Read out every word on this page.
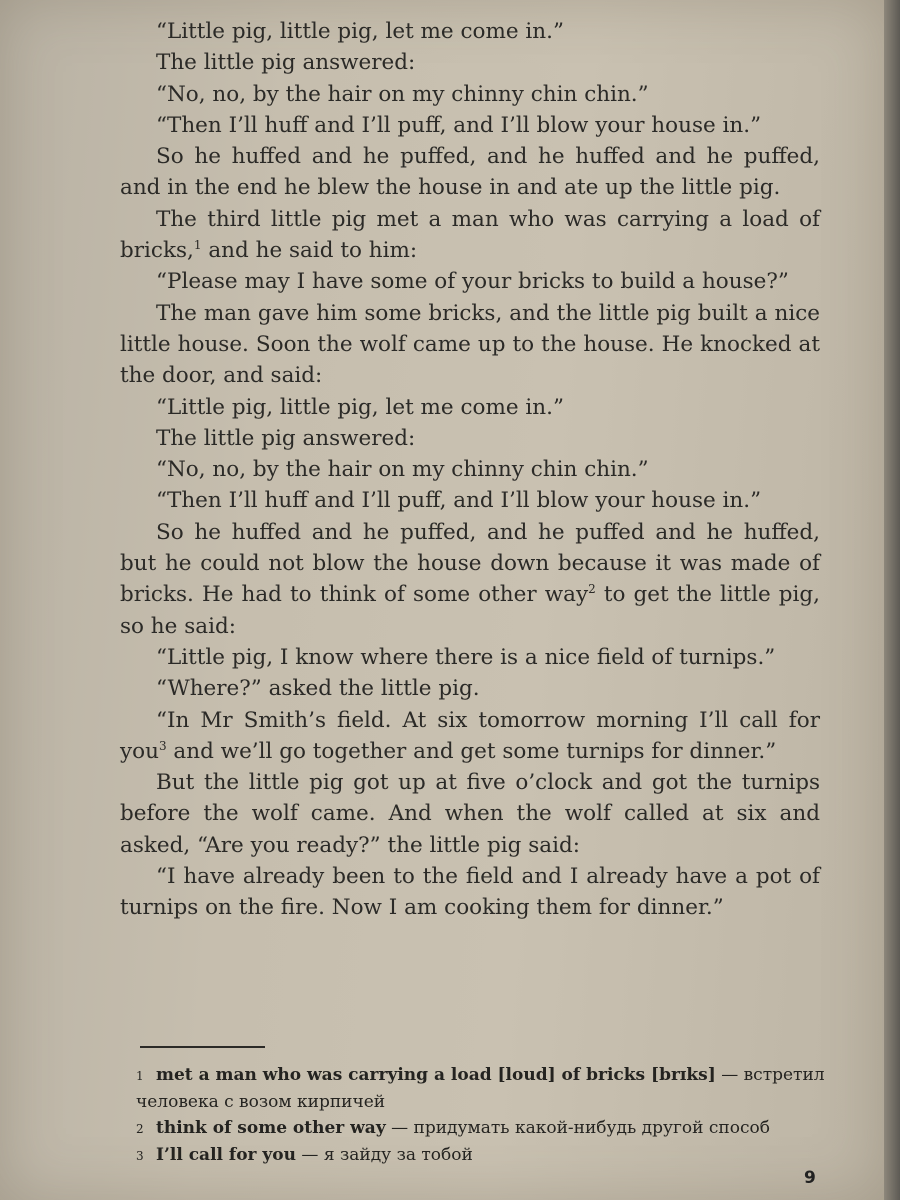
“Little pig, little pig, let me come in.”

The little pig answered:

“No, no, by the hair on my chinny chin chin.”

“Then I’ll huff and I’ll puff, and I’ll blow your house in.”

So he huffed and he puffed, and he huffed and he puffed, and in the end he blew the house in and ate up the little pig.

The third little pig met a man who was carrying a load of bricks,$^1$ and he said to him:

“Please may I have some of your bricks to build a house?”

The man gave him some bricks, and the little pig built a nice little house. Soon the wolf came up to the house. He knocked at the door, and said:

“Little pig, little pig, let me come in.”

The little pig answered:

“No, no, by the hair on my chinny chin chin.”

“Then I’ll huff and I’ll puff, and I’ll blow your house in.”

So he huffed and he puffed, and he puffed and he huffed, but he could not blow the house down because it was made of bricks. He had to think of some other way$^2$ to get the little pig, so he said:

“Little pig, I know where there is a nice field of turnips.”

“Where?” asked the little pig.

“In Mr Smith’s field. At six tomorrow morning I’ll call for you$^3$ and we’ll go together and get some turnips for dinner.”

But the little pig got up at five o’clock and got the turnips before the wolf came. And when the wolf called at six and asked, “Are you ready?” the little pig said:

“I have already been to the field and I already have a pot of turnips on the fire. Now I am cooking them for dinner.”

1 met a man who was carrying a load [loud] of bricks [brɪks] — встретил человека с возом кирпичей

2 think of some other way — придумать какой-нибудь другой способ

3 I’ll call for you — я зайду за тобой

9
